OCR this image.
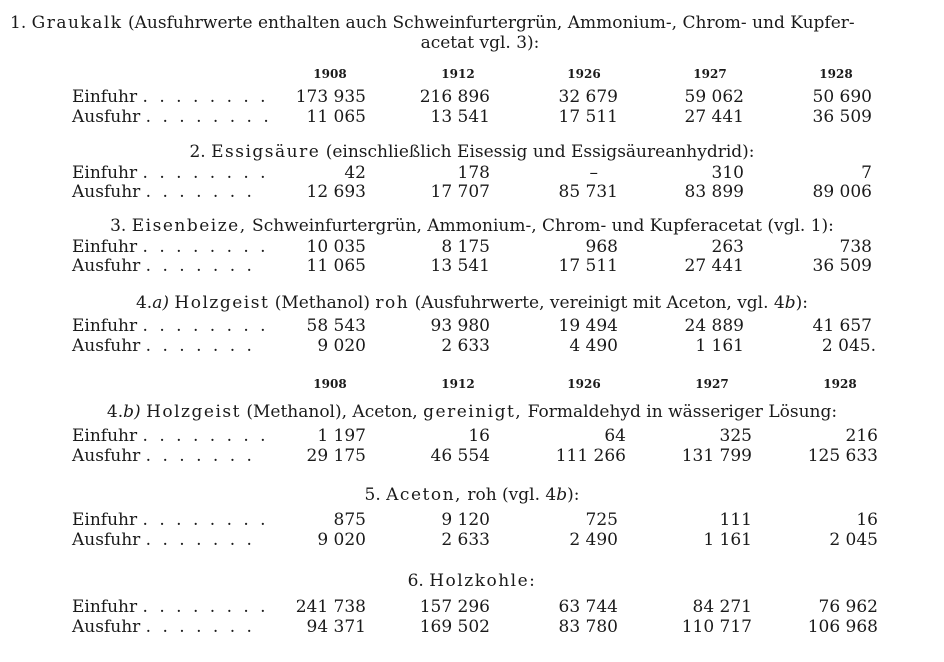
1. Graukalk (Ausfuhrwerte enthalten auch Schweinfurtergrün, Ammonium-, Chrom- und Kupfer-
acetat vgl. 3):
1908	1912	1926	1927	1928
Einfuhr . . . . . . . . 173 935	216 896	32 679	59 062	50 690
Ausfuhr . . . . . . . . 11 065	13 541	17 511	27 441	36 509
2. Essigsäure (einschließlich Eisessig und Essigsäureanhydrid):
Einfuhr . . . . . . . .	42	178	–	310	7
Ausfuhr . . . . . . .	12 693	17 707	85 731	83 899	89 006
3. Eisenbeize, Schweinfurtergrün, Ammonium-, Chrom- und Kupferacetat (vgl. 1):
Einfuhr . . . . . . . . 10 035	8 175	968	263	738
Ausfuhr . . . . . . .	11 065	13 541	17 511	27 441	36 509
4.a) Holzgeist (Methanol) roh (Ausfuhrwerte, vereinigt mit Aceton, vgl. 4b):
Einfuhr . . . . . . . . 58 543	93 980	19 494	24 889	41 657
Ausfuhr . . . . . . .	9 020	2 633	4 490	1 161	2 045.
1908	1912	1926	1927	1928
4.b) Holzgeist (Methanol), Aceton, gereinigt, Formaldehyd in wässeriger Lösung:
Einfuhr . . . . . . . .	1 197	16	64	325	216
Ausfuhr . . . . . . .	29 175	46 554	111 266	131 799	125 633
5. Aceton, roh (vgl. 4b):
Einfuhr . . . . . . . .	875	9 120	725	111	16
Ausfuhr . . . . . . .	9 020	2 633	2 490	1 161	2 045
6. Holzkohle:
Einfuhr . . . . . . . . 241 738	157 296	63 744	84 271	76 962
Ausfuhr . . . . . . .	94 371	169 502	83 780	110 717	106 968
